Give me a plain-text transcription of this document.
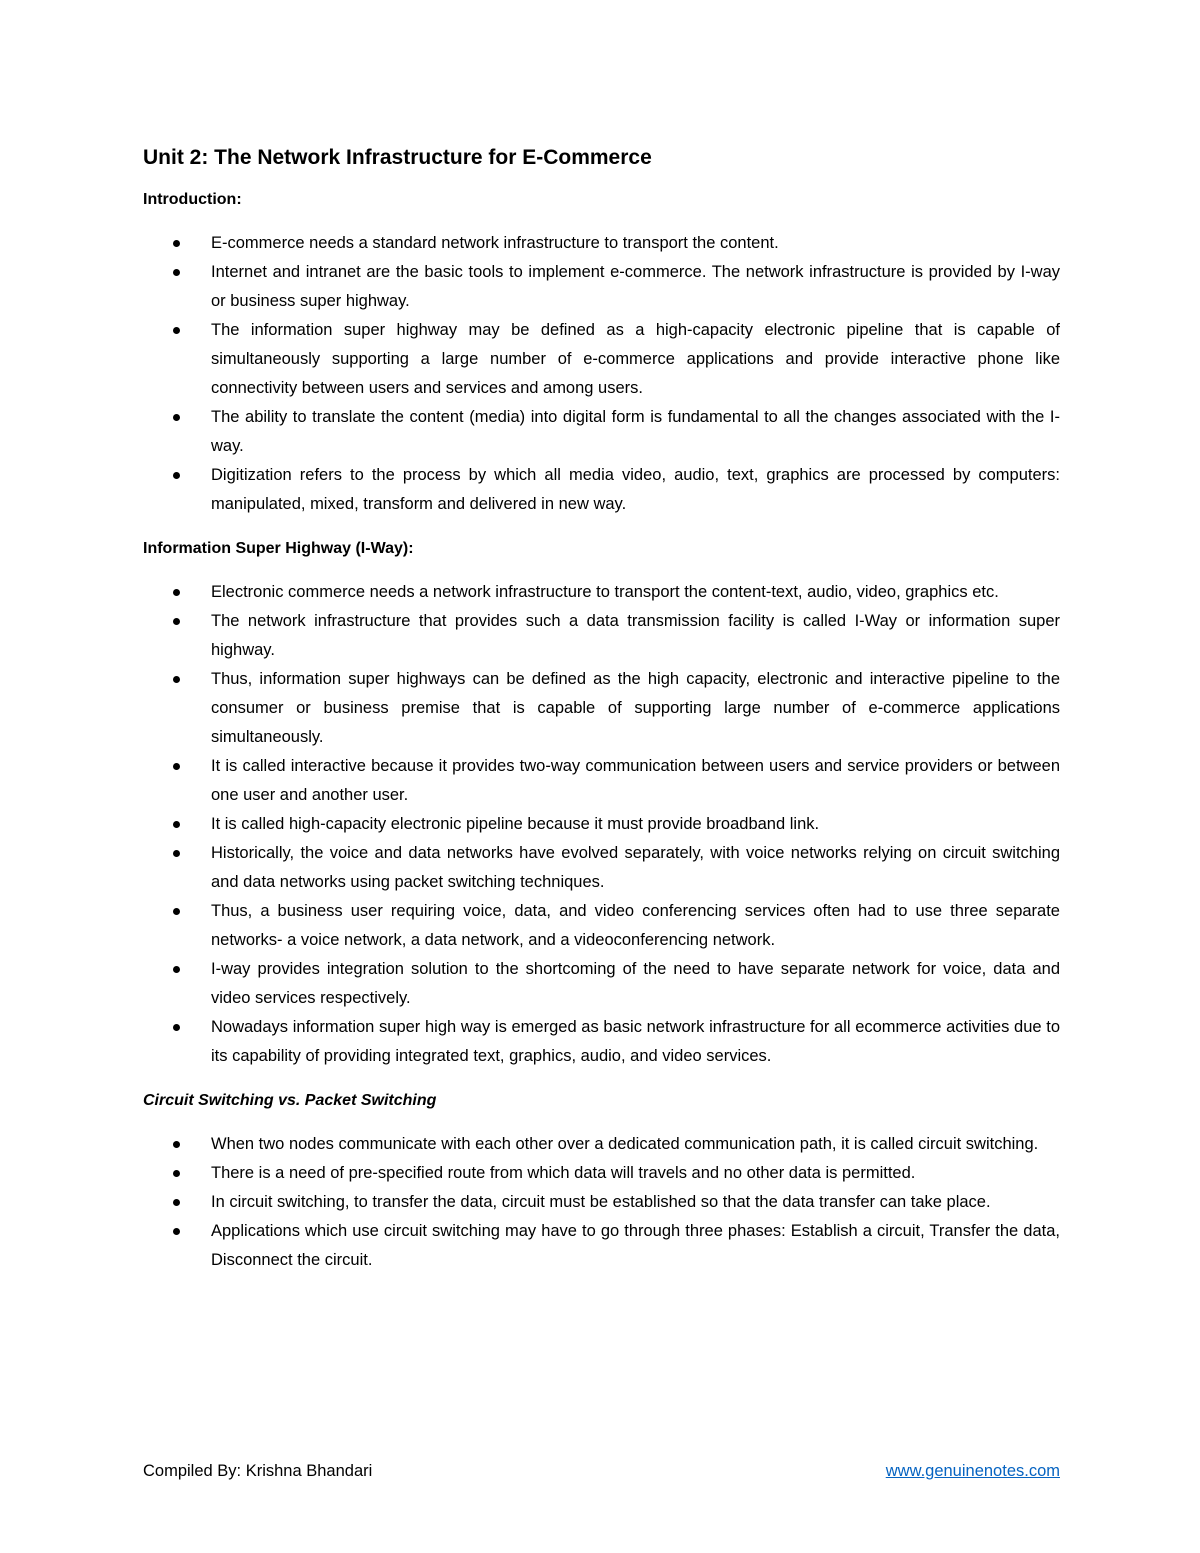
Unit 2: The Network Infrastructure for E-Commerce
Introduction:
E-commerce needs a standard network infrastructure to transport the content.
Internet and intranet are the basic tools to implement e-commerce. The network infrastructure is provided by I-way or business super highway.
The information super highway may be defined as a high-capacity electronic pipeline that is capable of simultaneously supporting a large number of e-commerce applications and provide interactive phone like connectivity between users and services and among users.
The ability to translate the content (media) into digital form is fundamental to all the changes associated with the I-way.
Digitization refers to the process by which all media video, audio, text, graphics are processed by computers: manipulated, mixed, transform and delivered in new way.
Information Super Highway (I-Way):
Electronic commerce needs a network infrastructure to transport the content-text, audio, video, graphics etc.
The network infrastructure that provides such a data transmission facility is called I-Way or information super highway.
Thus, information super highways can be defined as the high capacity, electronic and interactive pipeline to the consumer or business premise that is capable of supporting large number of e-commerce applications simultaneously.
It is called interactive because it provides two-way communication between users and service providers or between one user and another user.
It is called high-capacity electronic pipeline because it must provide broadband link.
Historically, the voice and data networks have evolved separately, with voice networks relying on circuit switching and data networks using packet switching techniques.
Thus, a business user requiring voice, data, and video conferencing services often had to use three separate networks- a voice network, a data network, and a videoconferencing network.
I-way provides integration solution to the shortcoming of the need to have separate network for voice, data and video services respectively.
Nowadays information super high way is emerged as basic network infrastructure for all ecommerce activities due to its capability of providing integrated text, graphics, audio, and video services.
Circuit Switching vs. Packet Switching
When two nodes communicate with each other over a dedicated communication path, it is called circuit switching.
There is a need of pre-specified route from which data will travels and no other data is permitted.
In circuit switching, to transfer the data, circuit must be established so that the data transfer can take place.
Applications which use circuit switching may have to go through three phases: Establish a circuit, Transfer the data, Disconnect the circuit.
Compiled By: Krishna Bhandari	www.genuinenotes.com
